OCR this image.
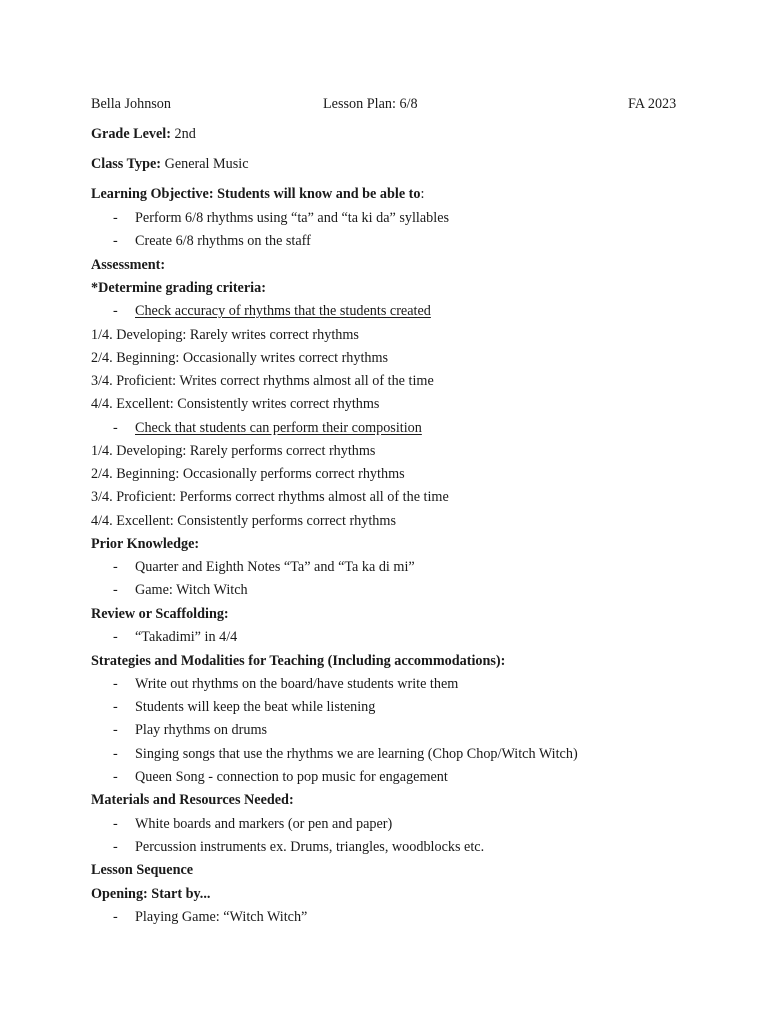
Bella Johnson	Lesson Plan: 6/8	FA 2023
Grade Level: 2nd
Class Type: General Music
Learning Objective: Students will know and be able to:
- Perform 6/8 rhythms using “ta” and “ta ki da” syllables
- Create 6/8 rhythms on the staff
Assessment:
*Determine grading criteria:
- Check accuracy of rhythms that the students created
1/4. Developing: Rarely writes correct rhythms
2/4. Beginning: Occasionally writes correct rhythms
3/4. Proficient: Writes correct rhythms almost all of the time
4/4. Excellent: Consistently writes correct rhythms
- Check that students can perform their composition
1/4. Developing: Rarely performs correct rhythms
2/4. Beginning: Occasionally performs correct rhythms
3/4. Proficient: Performs correct rhythms almost all of the time
4/4. Excellent: Consistently performs correct rhythms
Prior Knowledge:
- Quarter and Eighth Notes “Ta” and “Ta ka di mi”
- Game: Witch Witch
Review or Scaffolding:
- “Takadimi” in 4/4
Strategies and Modalities for Teaching (Including accommodations):
- Write out rhythms on the board/have students write them
- Students will keep the beat while listening
- Play rhythms on drums
- Singing songs that use the rhythms we are learning (Chop Chop/Witch Witch)
- Queen Song - connection to pop music for engagement
Materials and Resources Needed:
- White boards and markers (or pen and paper)
- Percussion instruments ex. Drums, triangles, woodblocks etc.
Lesson Sequence
Opening: Start by...
- Playing Game: “Witch Witch”
